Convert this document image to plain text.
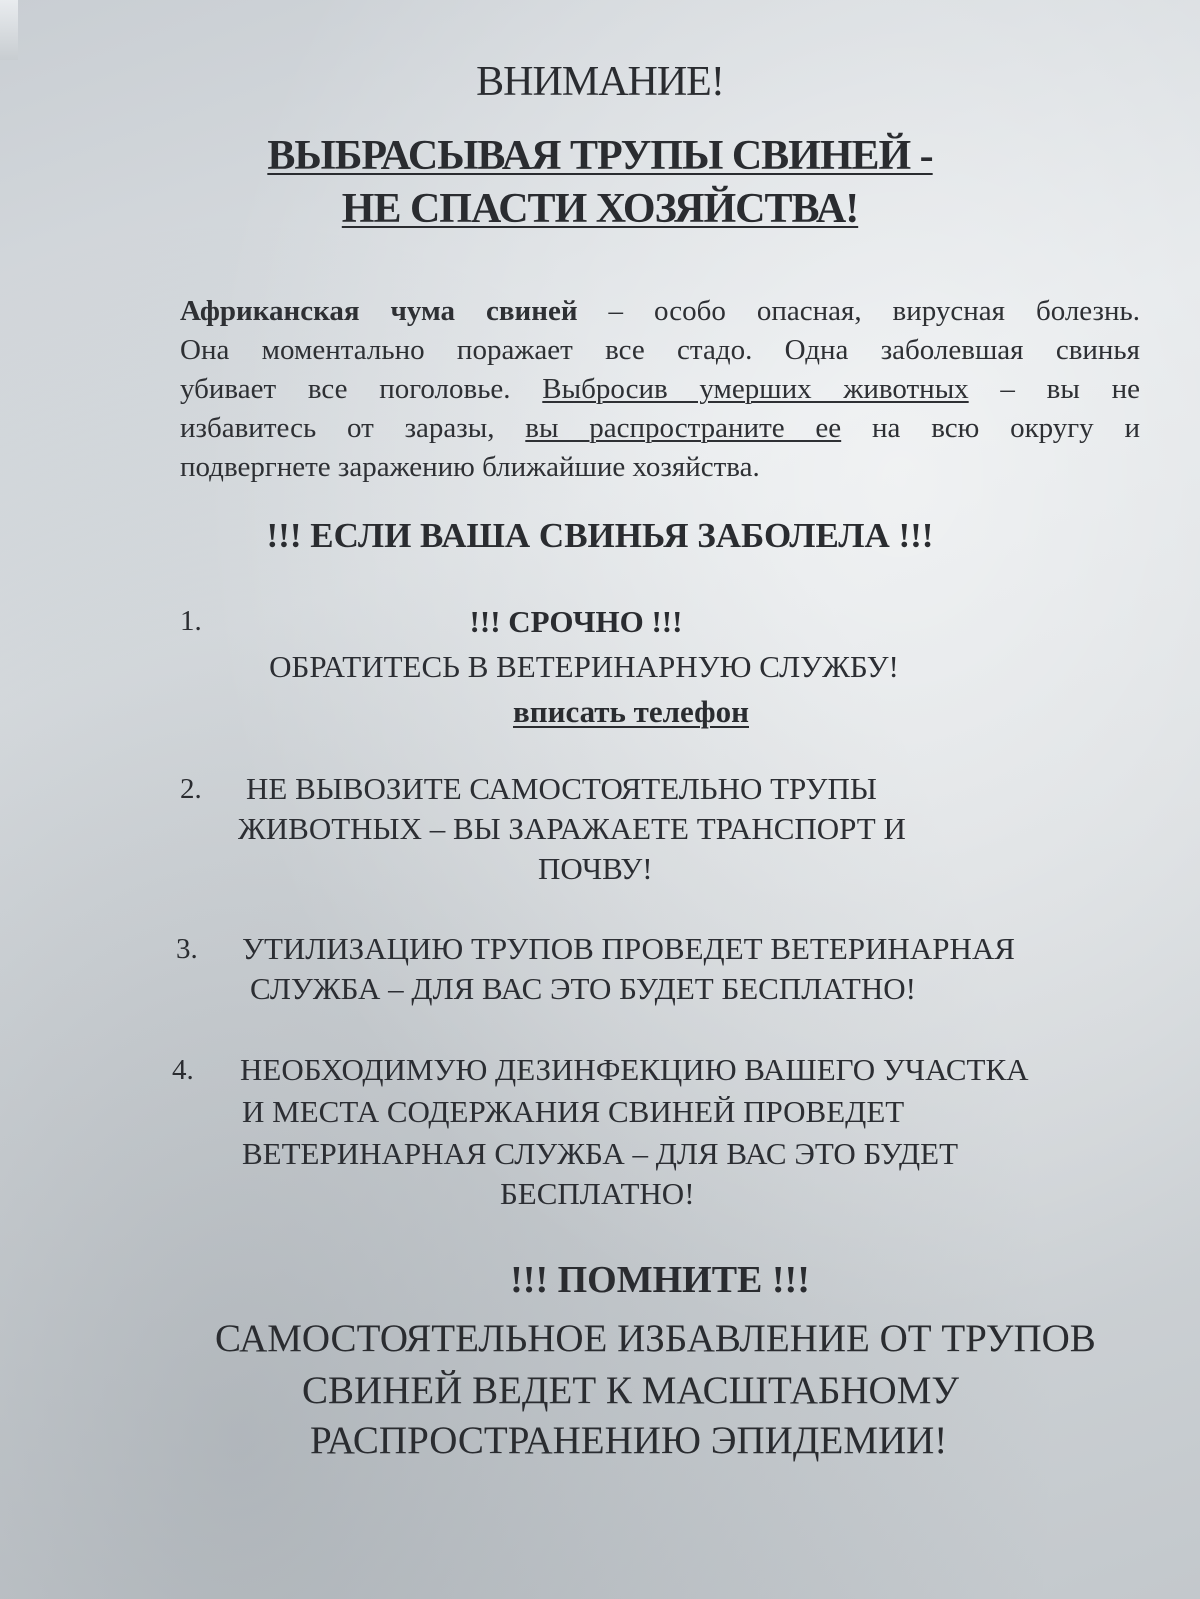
ВНИМАНИЕ!
ВЫБРАСЫВАЯ ТРУПЫ СВИНЕЙ -
НЕ СПАСТИ ХОЗЯЙСТВА!
Африканская чума свиней – особо опасная, вирусная болезнь.
Она моментально поражает все стадо. Одна заболевшая свинья
убивает все поголовье. Выбросив умерших животных – вы не
избавитесь от заразы, вы распространите ее на всю округу и
подвергнете заражению ближайшие хозяйства.
!!! ЕСЛИ ВАША СВИНЬЯ ЗАБОЛЕЛА !!!
1.	!!! СРОЧНО !!!
ОБРАТИТЕСЬ В ВЕТЕРИНАРНУЮ СЛУЖБУ!
вписать телефон
2. НЕ ВЫВОЗИТЕ САМОСТОЯТЕЛЬНО ТРУПЫ
ЖИВОТНЫХ – ВЫ ЗАРАЖАЕТЕ ТРАНСПОРТ И
ПОЧВУ!
3. УТИЛИЗАЦИЮ ТРУПОВ ПРОВЕДЕТ ВЕТЕРИНАРНАЯ
СЛУЖБА – ДЛЯ ВАС ЭТО БУДЕТ БЕСПЛАТНО!
4. НЕОБХОДИМУЮ ДЕЗИНФЕКЦИЮ ВАШЕГО УЧАСТКА
И МЕСТА СОДЕРЖАНИЯ СВИНЕЙ ПРОВЕДЕТ
ВЕТЕРИНАРНАЯ СЛУЖБА – ДЛЯ ВАС ЭТО БУДЕТ
БЕСПЛАТНО!
!!! ПОМНИТЕ !!!
САМОСТОЯТЕЛЬНОЕ ИЗБАВЛЕНИЕ ОТ ТРУПОВ
СВИНЕЙ ВЕДЕТ К МАСШТАБНОМУ
РАСПРОСТРАНЕНИЮ ЭПИДЕМИИ!
